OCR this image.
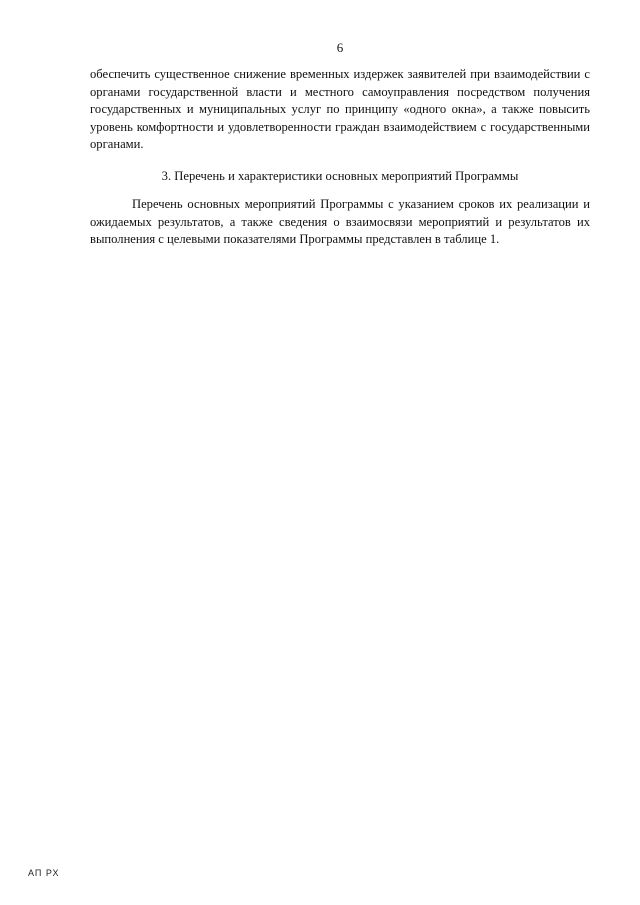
6

обеспечить существенное снижение временных издержек заявителей при взаимодействии с органами государственной власти и местного самоуправления посредством получения государственных и муниципальных услуг по принципу «одного окна», а также повысить уровень комфортности и удовлетворенности граждан взаимодействием с государственными органами.

3. Перечень и характеристики основных мероприятий Программы

Перечень основных мероприятий Программы с указанием сроков их реализации и ожидаемых результатов, а также сведения о взаимосвязи мероприятий и результатов их выполнения с целевыми показателями Программы представлен в таблице 1.

АП РХ
